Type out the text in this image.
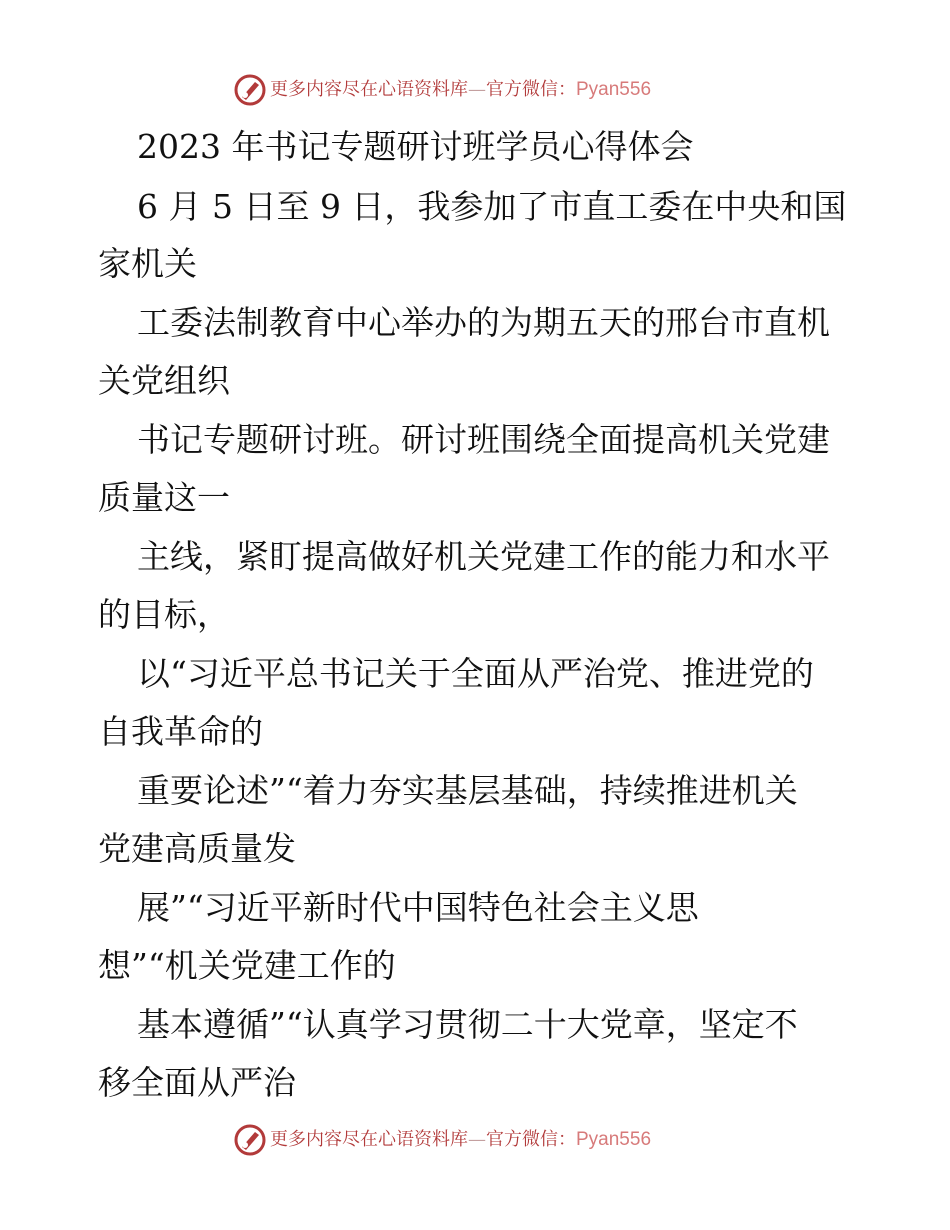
更多内容尽在心语资料库—官方微信：Pyan556
2023 年书记专题研讨班学员心得体会
6 月 5 日至 9 日，我参加了市直工委在中央和国
家机关
工委法制教育中心举办的为期五天的邢台市直机
关党组织
书记专题研讨班。研讨班围绕全面提高机关党建
质量这一
主线，紧盯提高做好机关党建工作的能力和水平
的目标，
以“习近平总书记关于全面从严治党、推进党的
自我革命的
重要论述”“着力夯实基层基础，持续推进机关
党建高质量发
展”“习近平新时代中国特色社会主义思
想”“机关党建工作的
基本遵循”“认真学习贯彻二十大党章，坚定不
移全面从严治
更多内容尽在心语资料库—官方微信：Pyan556
